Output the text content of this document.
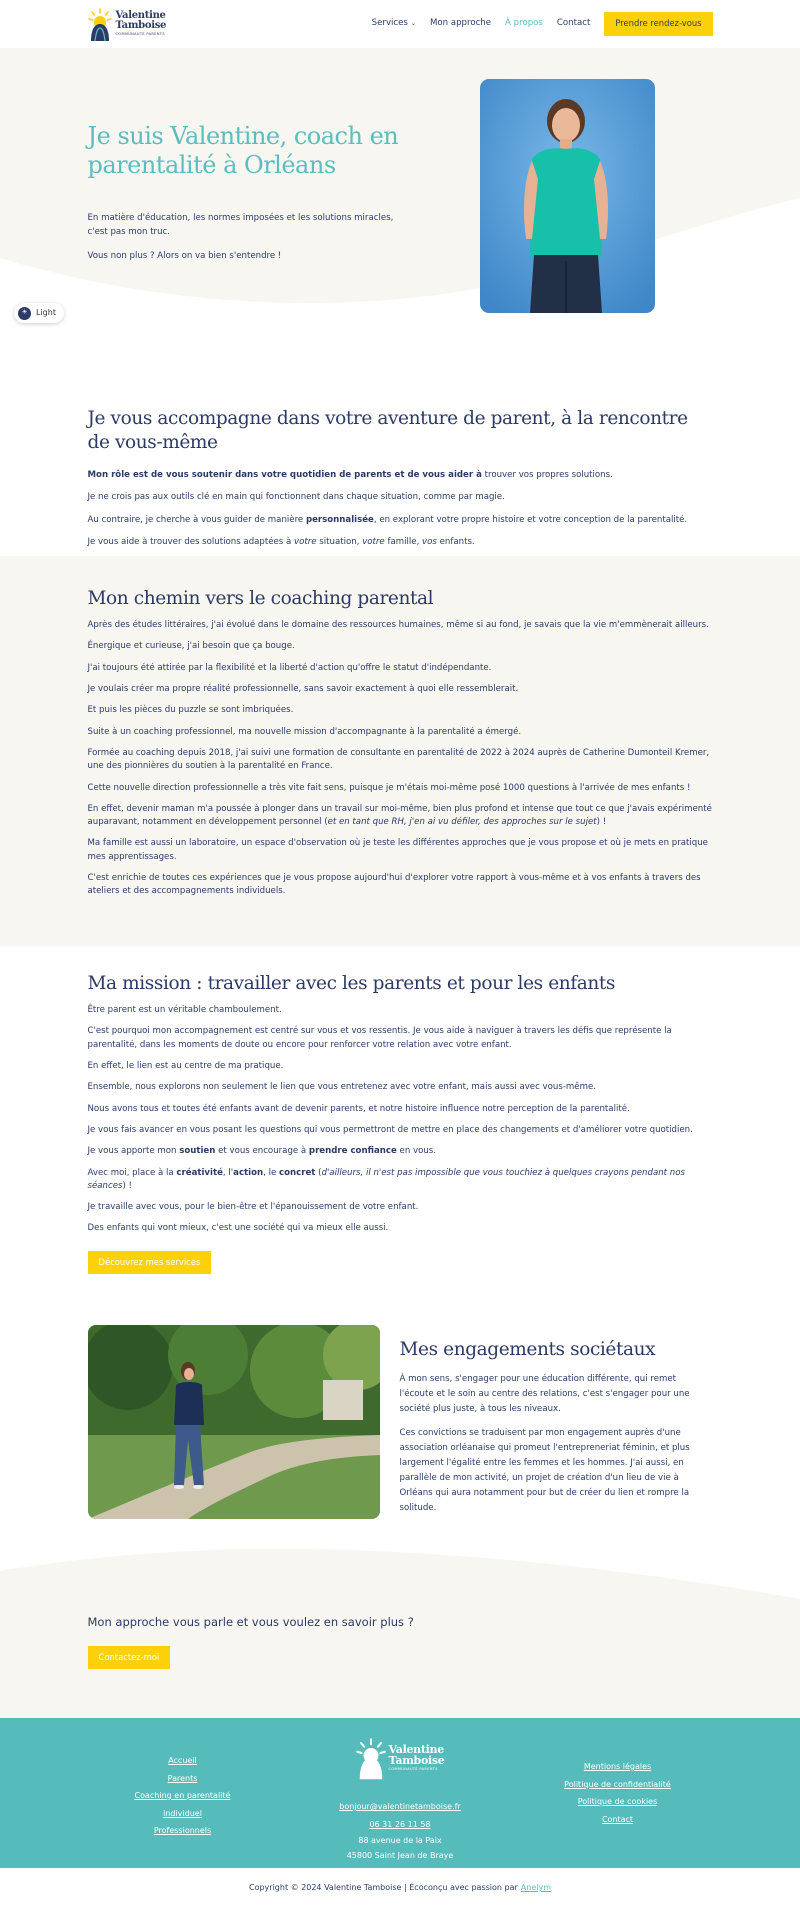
Valentine
Tamboise
COMMUNAUTÉ PARENTS
Services ⌄ Mon approche À propos Contact	Prendre rendez-vous
Je suis Valentine, coach en parentalité à Orléans

En matière d'éducation, les normes imposées et les solutions miracles, c'est pas mon truc.

Vous non plus ? Alors on va bien s'entendre !

☀	Light
Je vous accompagne dans votre aventure de parent, à la rencontre de vous-même

Mon rôle est de vous soutenir dans votre quotidien de parents et de vous aider à trouver vos propres solutions.

Je ne crois pas aux outils clé en main qui fonctionnent dans chaque situation, comme par magie.

Au contraire, je cherche à vous guider de manière personnalisée, en explorant votre propre histoire et votre conception de la parentalité.

Je vous aide à trouver des solutions adaptées à votre situation, votre famille, vos enfants.

Mon chemin vers le coaching parental

Après des études littéraires, j'ai évolué dans le domaine des ressources humaines, même si au fond, je savais que la vie m'emmènerait ailleurs.

Énergique et curieuse, j'ai besoin que ça bouge.

J'ai toujours été attirée par la flexibilité et la liberté d'action qu'offre le statut d'indépendante.

Je voulais créer ma propre réalité professionnelle, sans savoir exactement à quoi elle ressemblerait.

Et puis les pièces du puzzle se sont imbriquées.

Suite à un coaching professionnel, ma nouvelle mission d'accompagnante à la parentalité a émergé.

Formée au coaching depuis 2018, j'ai suivi une formation de consultante en parentalité de 2022 à 2024 auprès de Catherine Dumonteil Kremer, une des pionnières du soutien à la parentalité en France.

Cette nouvelle direction professionnelle a très vite fait sens, puisque je m'étais moi-même posé 1000 questions à l'arrivée de mes enfants !

En effet, devenir maman m'a poussée à plonger dans un travail sur moi-même, bien plus profond et intense que tout ce que j'avais expérimenté auparavant, notamment en développement personnel (et en tant que RH, j'en ai vu défiler, des approches sur le sujet) !

Ma famille est aussi un laboratoire, un espace d'observation où je teste les différentes approches que je vous propose et où je mets en pratique mes apprentissages.

C'est enrichie de toutes ces expériences que je vous propose aujourd'hui d'explorer votre rapport à vous-même et à vos enfants à travers des ateliers et des accompagnements individuels.

Ma mission : travailler avec les parents et pour les enfants

Être parent est un véritable chamboulement.

C'est pourquoi mon accompagnement est centré sur vous et vos ressentis. Je vous aide à naviguer à travers les défis que représente la parentalité, dans les moments de doute ou encore pour renforcer votre relation avec votre enfant.

En effet, le lien est au centre de ma pratique.

Ensemble, nous explorons non seulement le lien que vous entretenez avec votre enfant, mais aussi avec vous-même.

Nous avons tous et toutes été enfants avant de devenir parents, et notre histoire influence notre perception de la parentalité.

Je vous fais avancer en vous posant les questions qui vous permettront de mettre en place des changements et d'améliorer votre quotidien.

Je vous apporte mon soutien et vous encourage à prendre confiance en vous.

Avec moi, place à la créativité, l'action, le concret (d'ailleurs, il n'est pas impossible que vous touchiez à quelques crayons pendant nos séances) !

Je travaille avec vous, pour le bien-être et l'épanouissement de votre enfant.

Des enfants qui vont mieux, c'est une société qui va mieux elle aussi.

Découvrez mes services
Mes engagements sociétaux

À mon sens, s'engager pour une éducation différente, qui remet l'écoute et le soin au centre des relations, c'est s'engager pour une société plus juste, à tous les niveaux.

Ces convictions se traduisent par mon engagement auprès d'une association orléanaise qui promeut l'entrepreneriat féminin, et plus largement l'égalité entre les femmes et les hommes. J'ai aussi, en parallèle de mon activité, un projet de création d'un lieu de vie à Orléans qui aura notamment pour but de créer du lien et rompre la solitude.

Mon approche vous parle et vous voulez en savoir plus ?

Contactez-moi
Accueil
Parents
Coaching en parentalité individuel
Professionnels
Valentine
Tamboise
COMMUNAUTÉ PARENTS
bonjour@valentinetamboise.fr
06 31 26 11 58
88 avenue de la Paix
45800 Saint Jean de Braye
Mentions légales
Politique de confidentialité
Politique de cookies
Contact
Copyright © 2024 Valentine Tamboise | Écoconçu avec passion par Anelym
